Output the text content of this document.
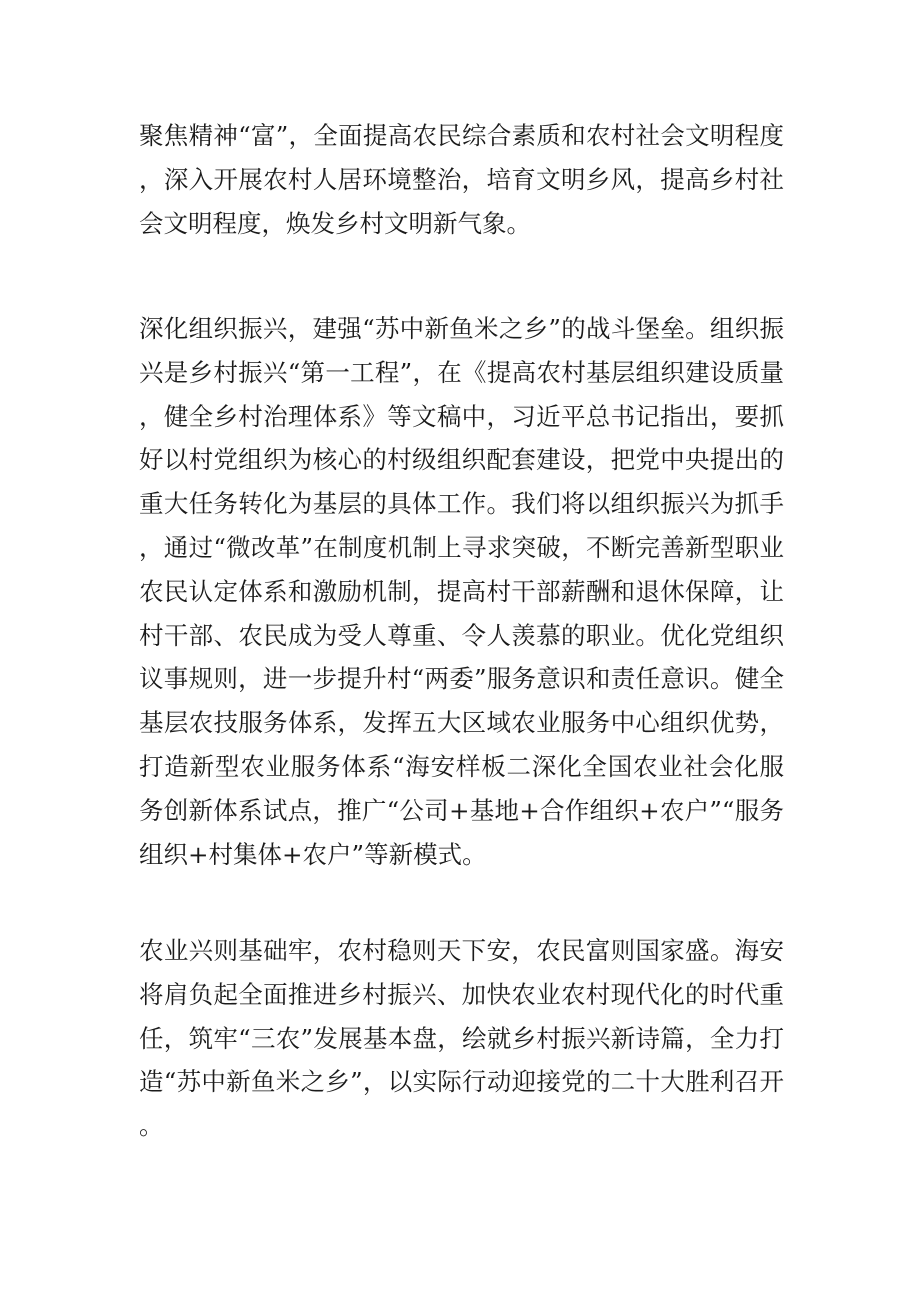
聚焦精神“富”，全面提高农民综合素质和农村社会文明程度，深入开展农村人居环境整治，培育文明乡风，提高乡村社会文明程度，焕发乡村文明新气象。

深化组织振兴，建强“苏中新鱼米之乡”的战斗堡垒。组织振兴是乡村振兴“第一工程”，在《提高农村基层组织建设质量，健全乡村治理体系》等文稿中，习近平总书记指出，要抓好以村党组织为核心的村级组织配套建设，把党中央提出的重大任务转化为基层的具体工作。我们将以组织振兴为抓手，通过“微改革”在制度机制上寻求突破，不断完善新型职业农民认定体系和激励机制，提高村干部薪酬和退休保障，让村干部、农民成为受人尊重、令人羡慕的职业。优化党组织议事规则，进一步提升村“两委”服务意识和责任意识。健全基层农技服务体系，发挥五大区域农业服务中心组织优势，打造新型农业服务体系“海安样板二深化全国农业社会化服务创新体系试点，推广“公司+基地+合作组织+农户”“服务组织+村集体+农户”等新模式。

农业兴则基础牢，农村稳则天下安，农民富则国家盛。海安将肩负起全面推进乡村振兴、加快农业农村现代化的时代重任，筑牢“三农”发展基本盘，绘就乡村振兴新诗篇，全力打造“苏中新鱼米之乡”，以实际行动迎接党的二十大胜利召开。
